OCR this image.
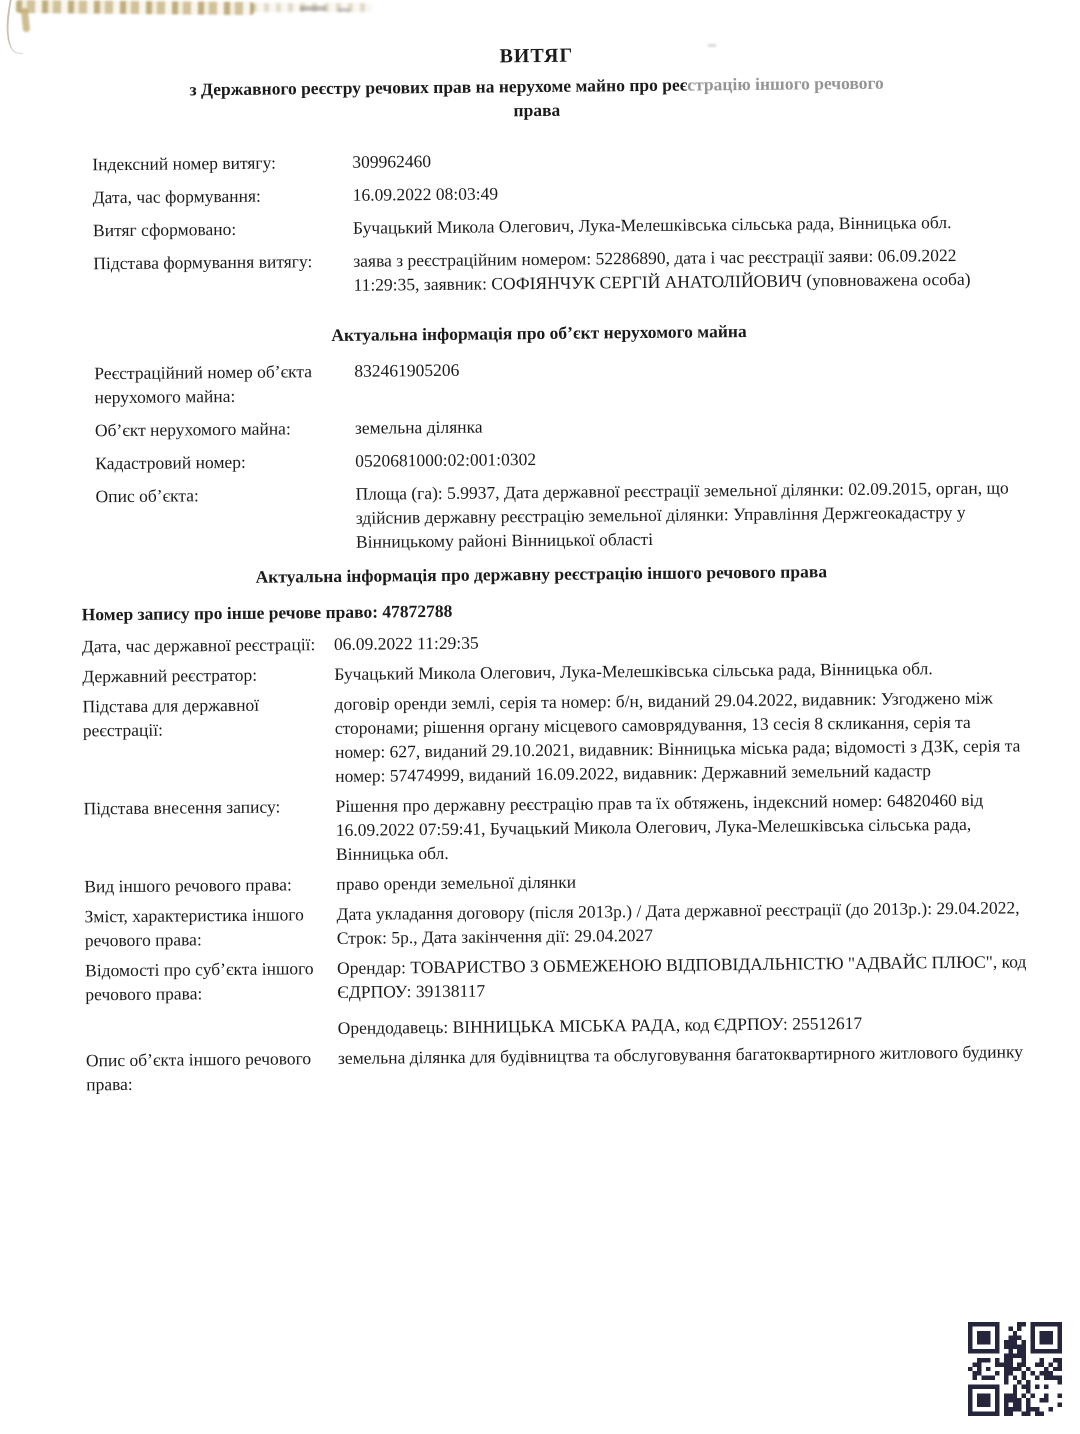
ВИТЯГ
з Державного реєстру речових прав на нерухоме майно про реєстрацію іншого речового
права
Індексний номер витягу:	309962460
Дата, час формування:	16.09.2022 08:03:49
Витяг сформовано:	Бучацький Микола Олегович, Лука-Мелешківська сільська рада, Вінницька обл.
Підстава формування витягу:	заява з реєстраційним номером: 52286890, дата і час реєстрації заяви: 06.09.2022 11:29:35, заявник: СОФІЯНЧУК СЕРГІЙ АНАТОЛІЙОВИЧ (уповноважена особа)
Актуальна інформація про об’єкт нерухомого майна
Реєстраційний номер об’єкта нерухомого майна:
832461905206
Об’єкт нерухомого майна:	земельна ділянка
Кадастровий номер:	0520681000:02:001:0302
Опис об’єкта:	Площа (га): 5.9937, Дата державної реєстрації земельної ділянки: 02.09.2015, орган, що здійснив державну реєстрацію земельної ділянки: Управління Держгеокадастру у Вінницькому районі Вінницької області
Актуальна інформація про державну реєстрацію іншого речового права
Номер запису про інше речове право: 47872788
Дата, час державної реєстрації:	06.09.2022 11:29:35
Державний реєстратор:	Бучацький Микола Олегович, Лука-Мелешківська сільська рада, Вінницька обл.
Підстава для державної реєстрації:
договір оренди землі, серія та номер: б/н, виданий 29.04.2022, видавник: Узгоджено між сторонами; рішення органу місцевого самоврядування, 13 сесія 8 скликання, серія та номер: 627, виданий 29.10.2021, видавник: Вінницька міська рада; відомості з ДЗК, серія та номер: 57474999, виданий 16.09.2022, видавник: Державний земельний кадастр
Підстава внесення запису:	Рішення про державну реєстрацію прав та їх обтяжень, індексний номер: 64820460 від 16.09.2022 07:59:41, Бучацький Микола Олегович, Лука-Мелешківська сільська рада, Вінницька обл.
Вид іншого речового права:	право оренди земельної ділянки
Зміст, характеристика іншого речового права:
Дата укладання договору (після 2013р.) / Дата державної реєстрації (до 2013р.): 29.04.2022, Строк: 5р., Дата закінчення дії: 29.04.2027
Відомості про суб’єкта іншого речового права:

Орендар: ТОВАРИСТВО З ОБМЕЖЕНОЮ ВІДПОВІДАЛЬНІСТЮ "АДВАЙС ПЛЮС", код ЄДРПОУ: 39138117

Орендодавець: ВІННИЦЬКА МІСЬКА РАДА, код ЄДРПОУ: 25512617

Опис об’єкта іншого речового права:
земельна ділянка для будівництва та обслуговування багатоквартирного житлового будинку
